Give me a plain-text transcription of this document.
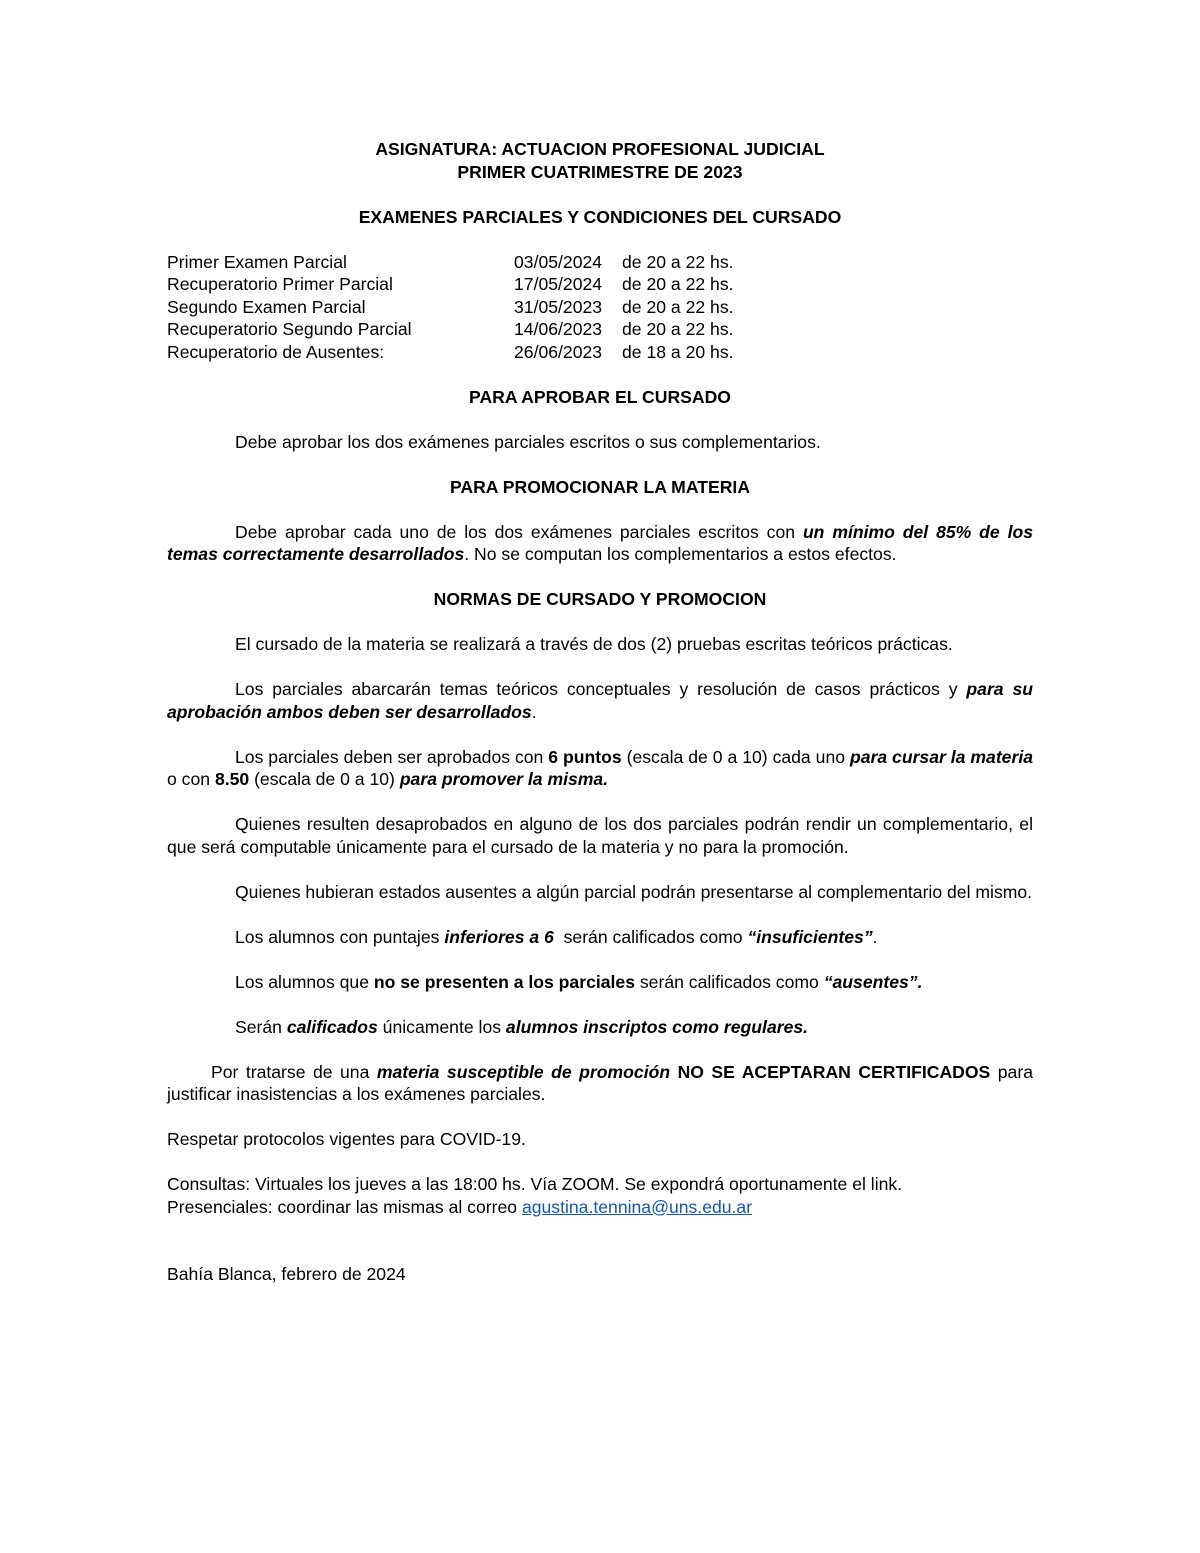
ASIGNATURA: ACTUACION PROFESIONAL JUDICIAL
PRIMER CUATRIMESTRE DE 2023
EXAMENES PARCIALES Y CONDICIONES DEL CURSADO
Primer Examen Parcial	03/05/2024	de 20 a 22 hs.
Recuperatorio Primer Parcial	17/05/2024	de 20 a 22 hs.
Segundo Examen Parcial	31/05/2023	de 20 a 22 hs.
Recuperatorio Segundo Parcial	14/06/2023	de 20 a 22 hs.
Recuperatorio de Ausentes:	26/06/2023	de 18 a 20 hs.
PARA APROBAR EL CURSADO
Debe aprobar los dos exámenes parciales escritos o sus complementarios.
PARA PROMOCIONAR LA MATERIA
Debe aprobar cada uno de los dos exámenes parciales escritos con un mínimo del 85% de los temas correctamente desarrollados. No se computan los complementarios a estos efectos.
NORMAS DE CURSADO Y PROMOCION
El cursado de la materia se realizará a través de dos (2) pruebas escritas teóricos prácticas.
Los parciales abarcarán temas teóricos conceptuales y resolución de casos prácticos y para su aprobación ambos deben ser desarrollados.
Los parciales deben ser aprobados con 6 puntos (escala de 0 a 10) cada uno para cursar la materia o con 8.50 (escala de 0 a 10) para promover la misma.
Quienes resulten desaprobados en alguno de los dos parciales podrán rendir un complementario, el que será computable únicamente para el cursado de la materia y no para la promoción.
Quienes hubieran estados ausentes a algún parcial podrán presentarse al complementario del mismo.
Los alumnos con puntajes inferiores a 6  serán calificados como “insuficientes”.
Los alumnos que no se presenten a los parciales serán calificados como “ausentes”.
Serán calificados únicamente los alumnos inscriptos como regulares.
Por tratarse de una materia susceptible de promoción NO SE ACEPTARAN CERTIFICADOS para justificar inasistencias a los exámenes parciales.
Respetar protocolos vigentes para COVID-19.
Consultas: Virtuales los jueves a las 18:00 hs. Vía ZOOM. Se expondrá oportunamente el link.
Presenciales: coordinar las mismas al correo agustina.tennina@uns.edu.ar
Bahía Blanca, febrero de 2024
